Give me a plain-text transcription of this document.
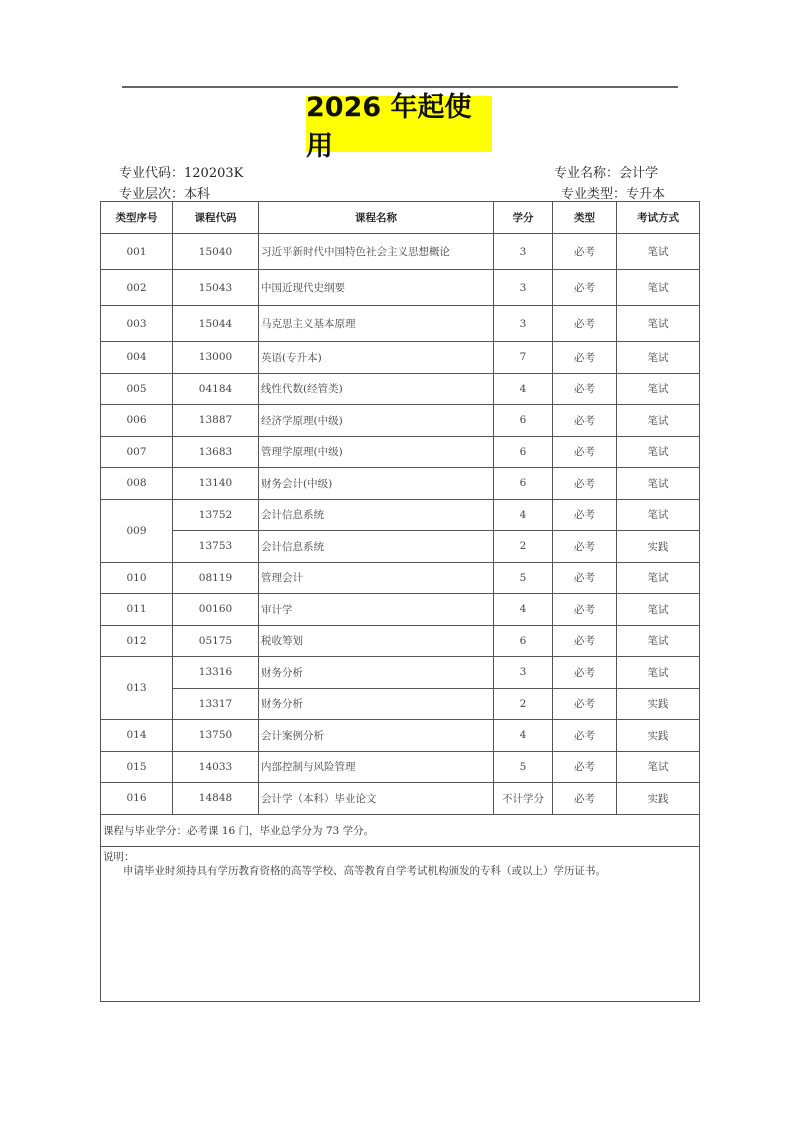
2026 年起使用
专业代码：120203K	专业名称：会计学
专业层次：本科	专业类型：专升本
类型序号	课程代码	课程名称	学分	类型	考试方式
001	15040	习近平新时代中国特色社会主义思想概论	3	必考	笔试
002	15043	中国近现代史纲要	3	必考	笔试
003	15044	马克思主义基本原理	3	必考	笔试
004	13000	英语(专升本)	7	必考	笔试
005	04184	线性代数(经管类)	4	必考	笔试
006	13887	经济学原理(中级)	6	必考	笔试
007	13683	管理学原理(中级)	6	必考	笔试
008	13140	财务会计(中级)	6	必考	笔试
009	13752	会计信息系统	4	必考	笔试
	13753	会计信息系统	2	必考	实践
010	08119	管理会计	5	必考	笔试
011	00160	审计学	4	必考	笔试
012	05175	税收筹划	6	必考	笔试
013	13316	财务分析	3	必考	笔试
	13317	财务分析	2	必考	实践
014	13750	会计案例分析	4	必考	实践
015	14033	内部控制与风险管理	5	必考	笔试
016	14848	会计学（本科）毕业论文	不计学分	必考	实践
课程与毕业学分：必考课 16 门，毕业总学分为 73 学分。					

说明：
申请毕业时须持具有学历教育资格的高等学校、高等教育自学考试机构颁发的专科（或以上）学历证书。					
